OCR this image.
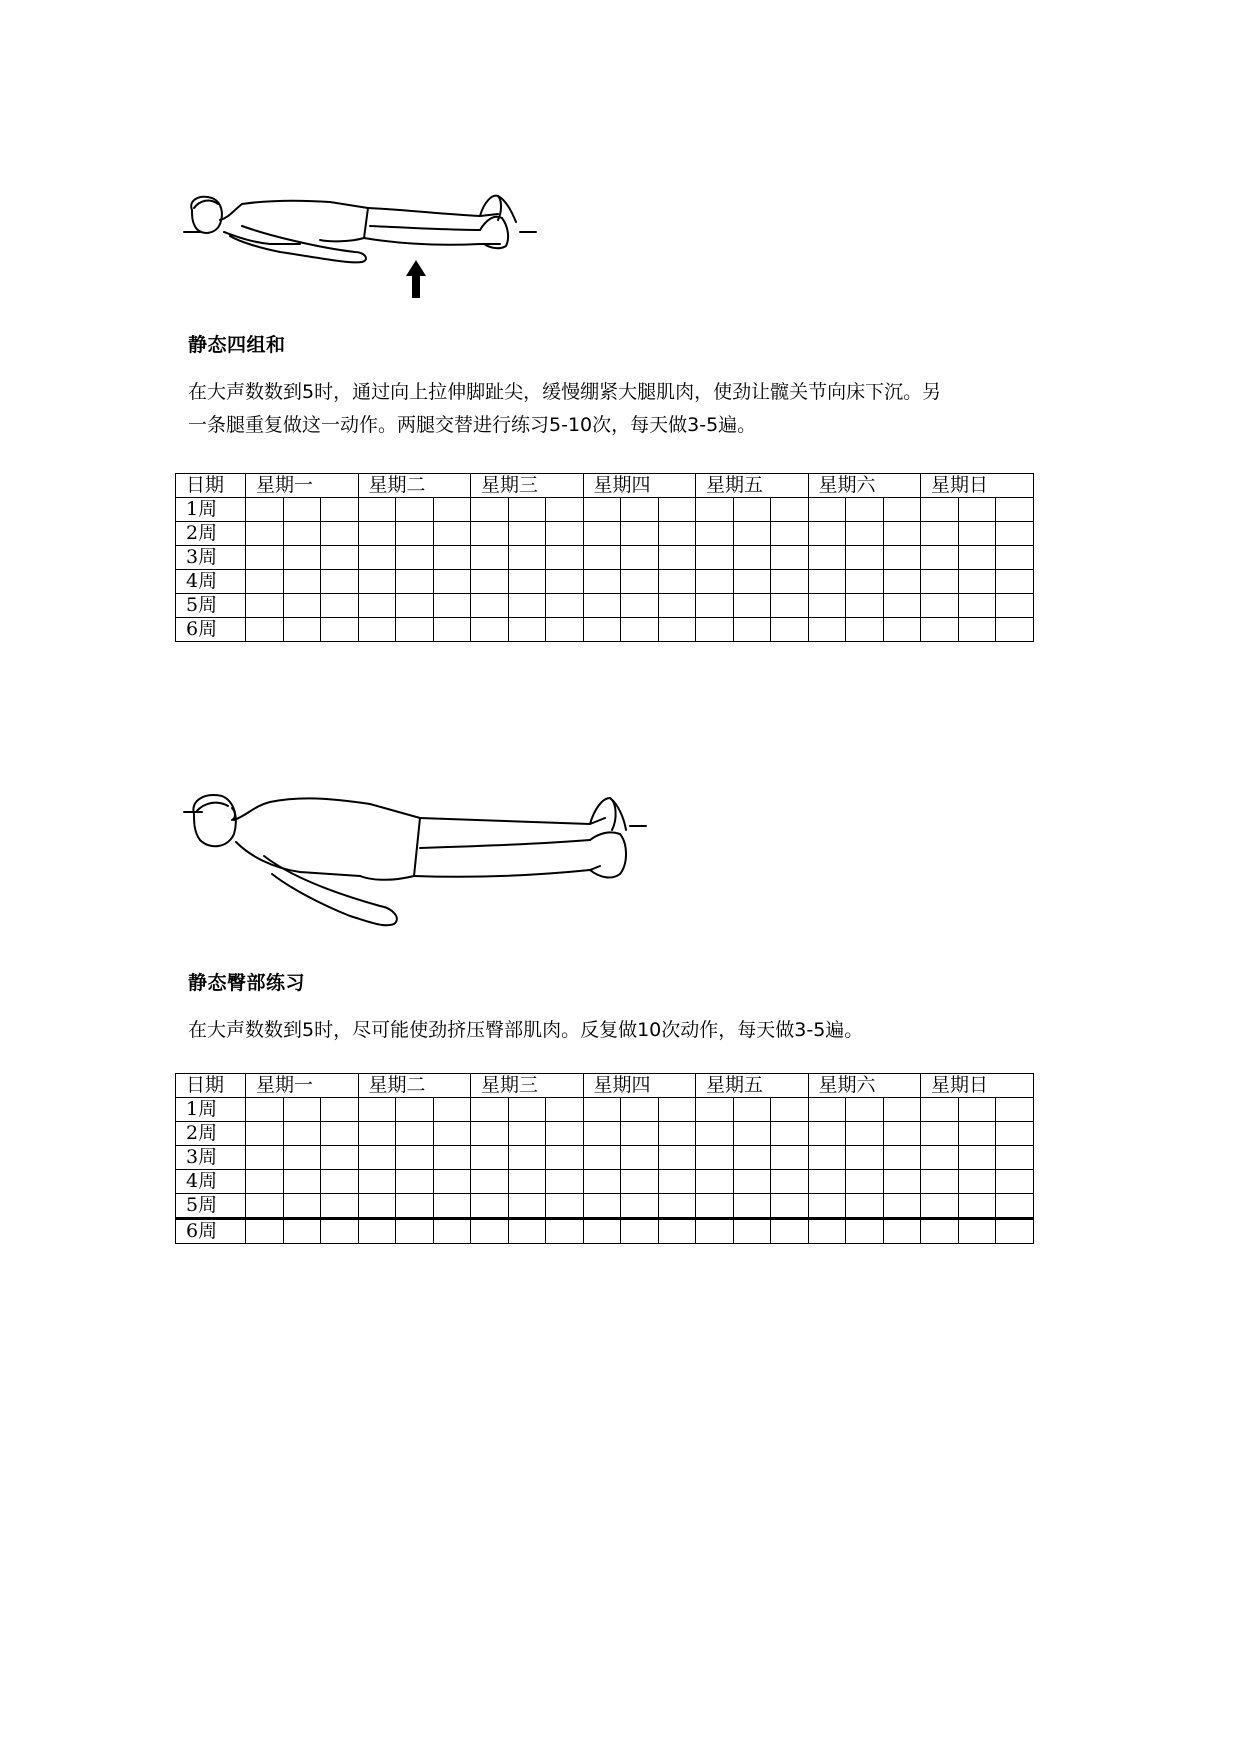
静态四组和
在大声数数到5时，通过向上拉伸脚趾尖，缓慢绷紧大腿肌肉，使劲让髋关节向床下沉。另
一条腿重复做这一动作。两腿交替进行练习5-10次，每天做3-5遍。
日期	星期一			星期二			星期三			星期四			星期五			星期六			星期日		
1周																					
2周																					
3周																					
4周																					
5周																					
6周																					
静态臀部练习
在大声数数到5时，尽可能使劲挤压臀部肌肉。反复做10次动作，每天做3-5遍。
日期	星期一			星期二			星期三			星期四			星期五			星期六			星期日		
1周																					
2周																					
3周																					
4周																					
5周																					
6周																					
